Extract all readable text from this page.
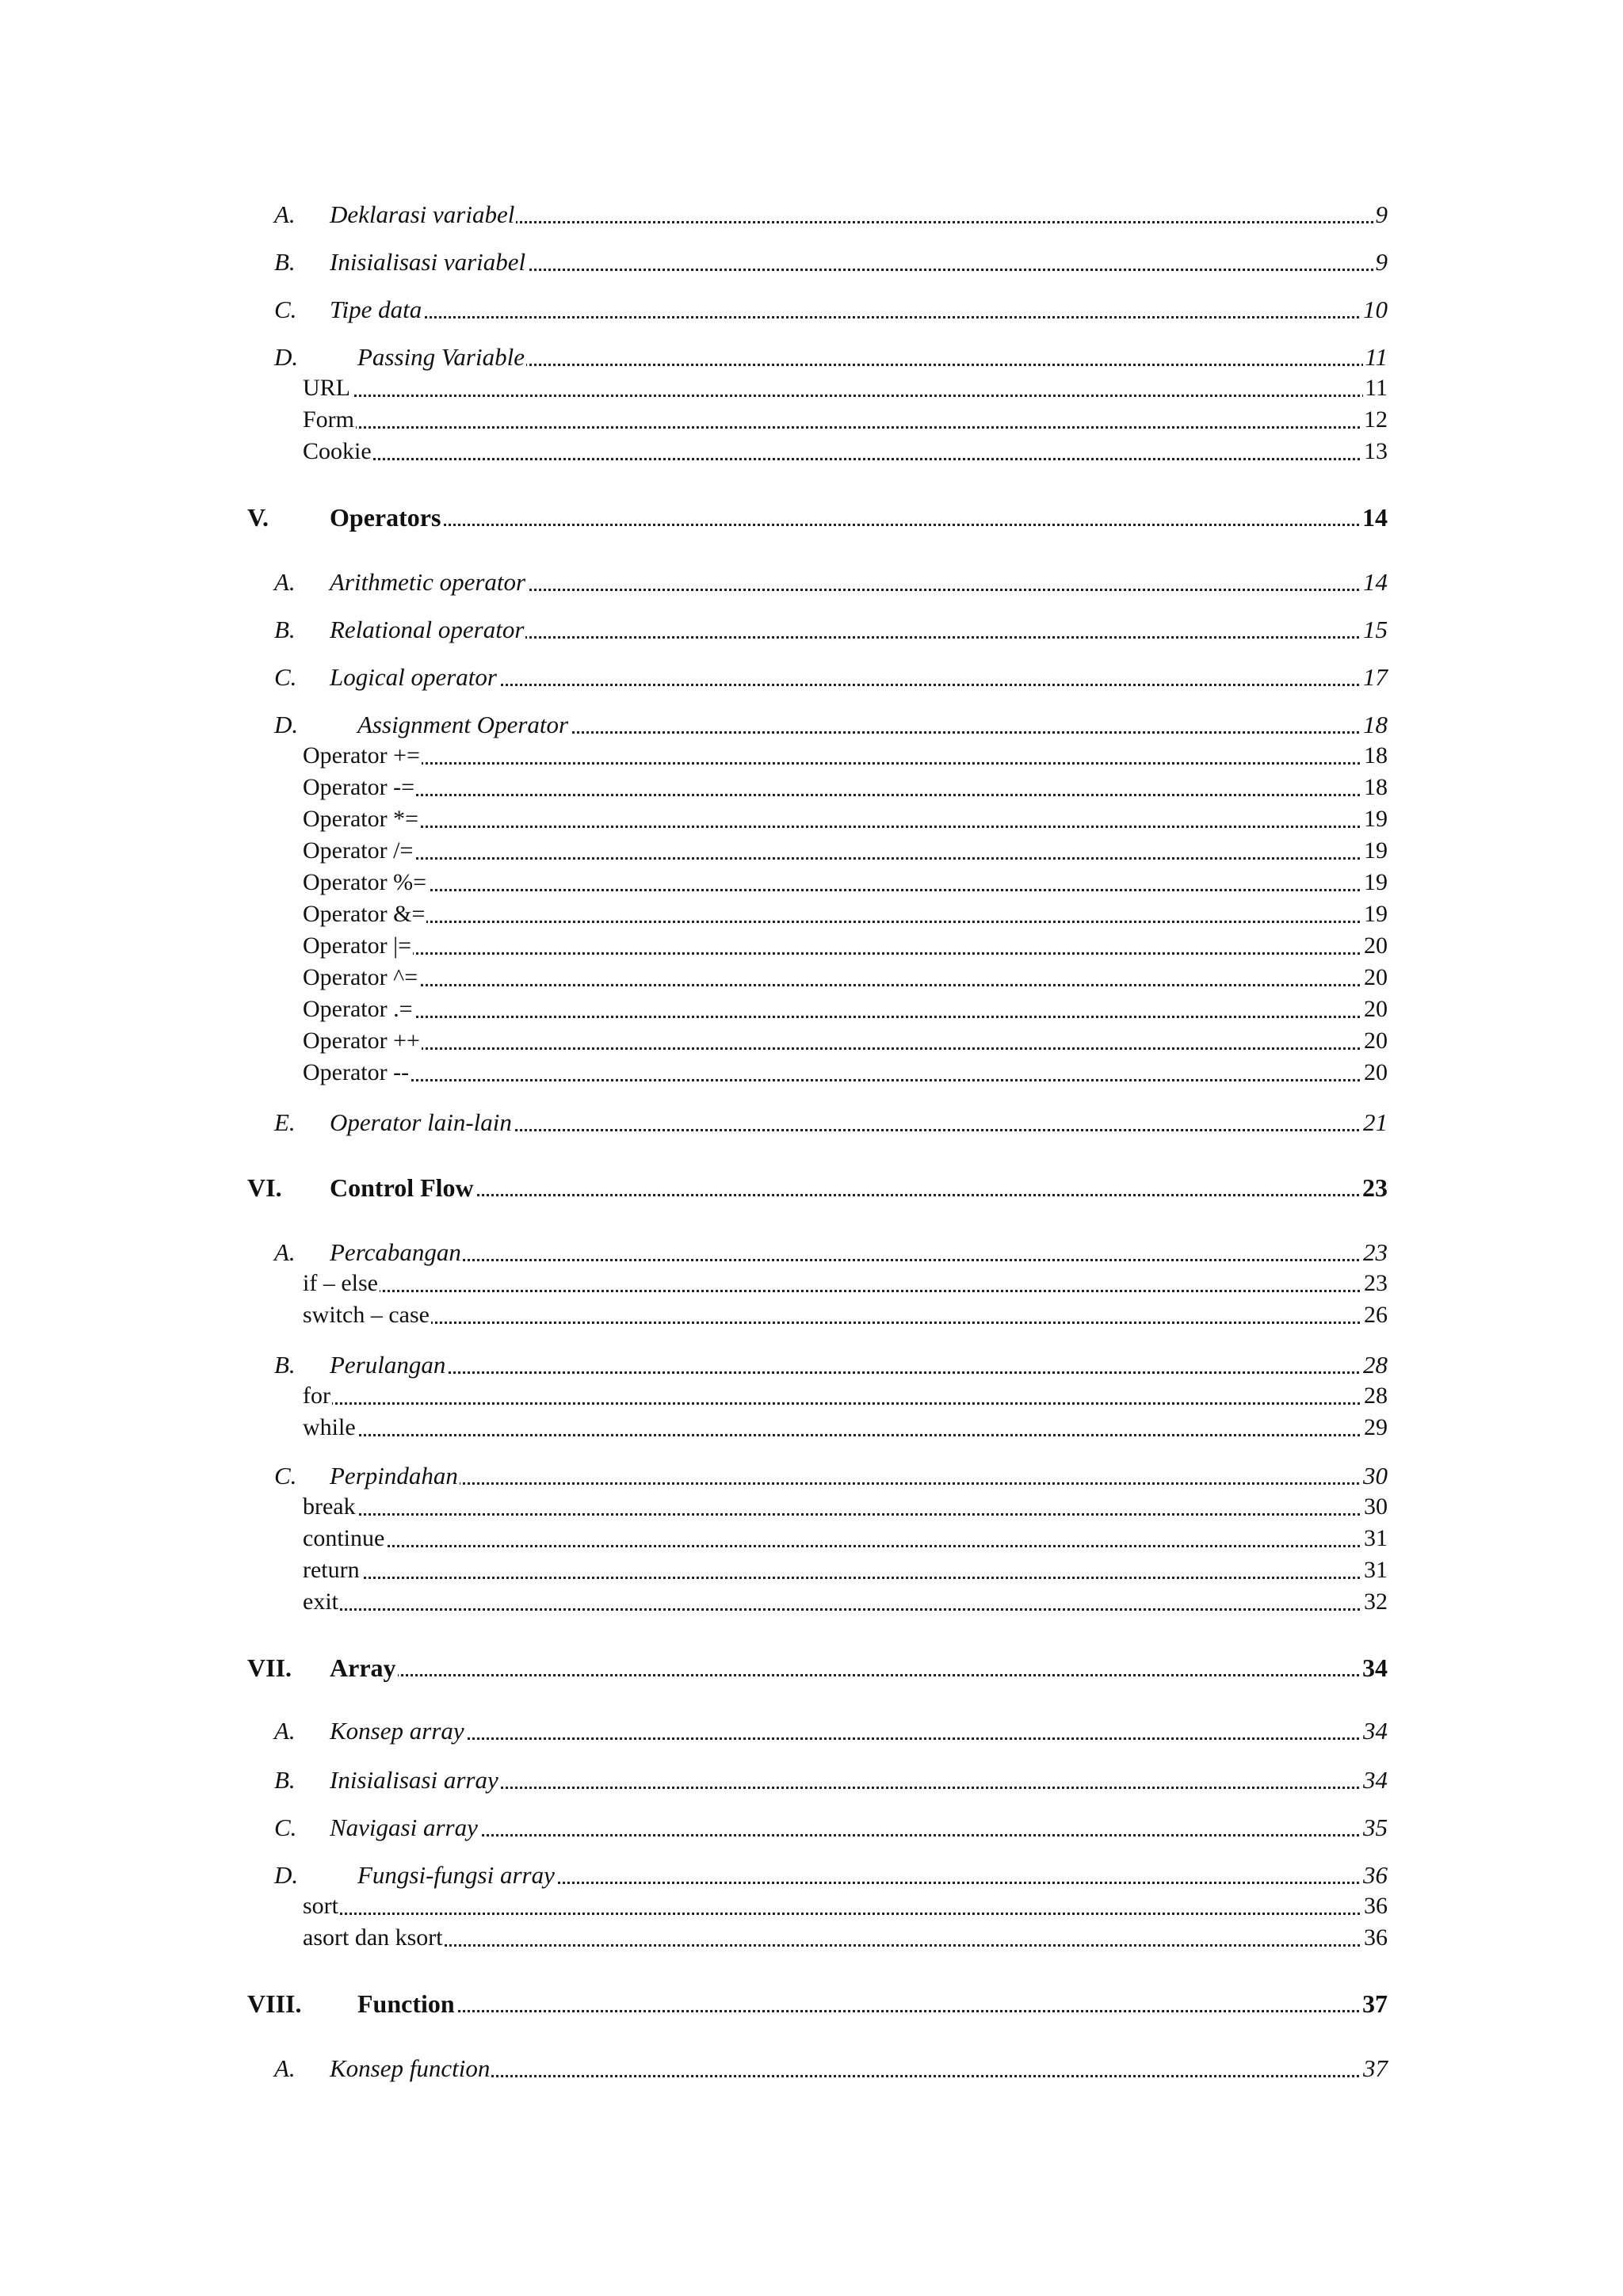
A. Deklarasi variabel	9
B. Inisialisasi variabel	9
C. Tipe data	10
D. Passing Variable	11
URL	11
Form	12
Cookie	13
V. Operators	14
A. Arithmetic operator	14
B. Relational operator	15
C. Logical operator	17
D. Assignment Operator	18
Operator +=	18
Operator -=	18
Operator *=	19
Operator /=	19
Operator %=	19
Operator &=	19
Operator |=	20
Operator ^=	20
Operator .=	20
Operator ++	20
Operator --	20
E. Operator lain-lain	21
VI. Control Flow	23
A. Percabangan	23
if – else	23
switch – case	26
B. Perulangan	28
for	28
while	29
C. Perpindahan	30
break	30
continue	31
return	31
exit	32
VII. Array	34
A. Konsep array	34
B. Inisialisasi array	34
C. Navigasi array	35
D. Fungsi-fungsi array	36
sort	36
asort dan ksort	36
VIII. Function	37
A. Konsep function	37
